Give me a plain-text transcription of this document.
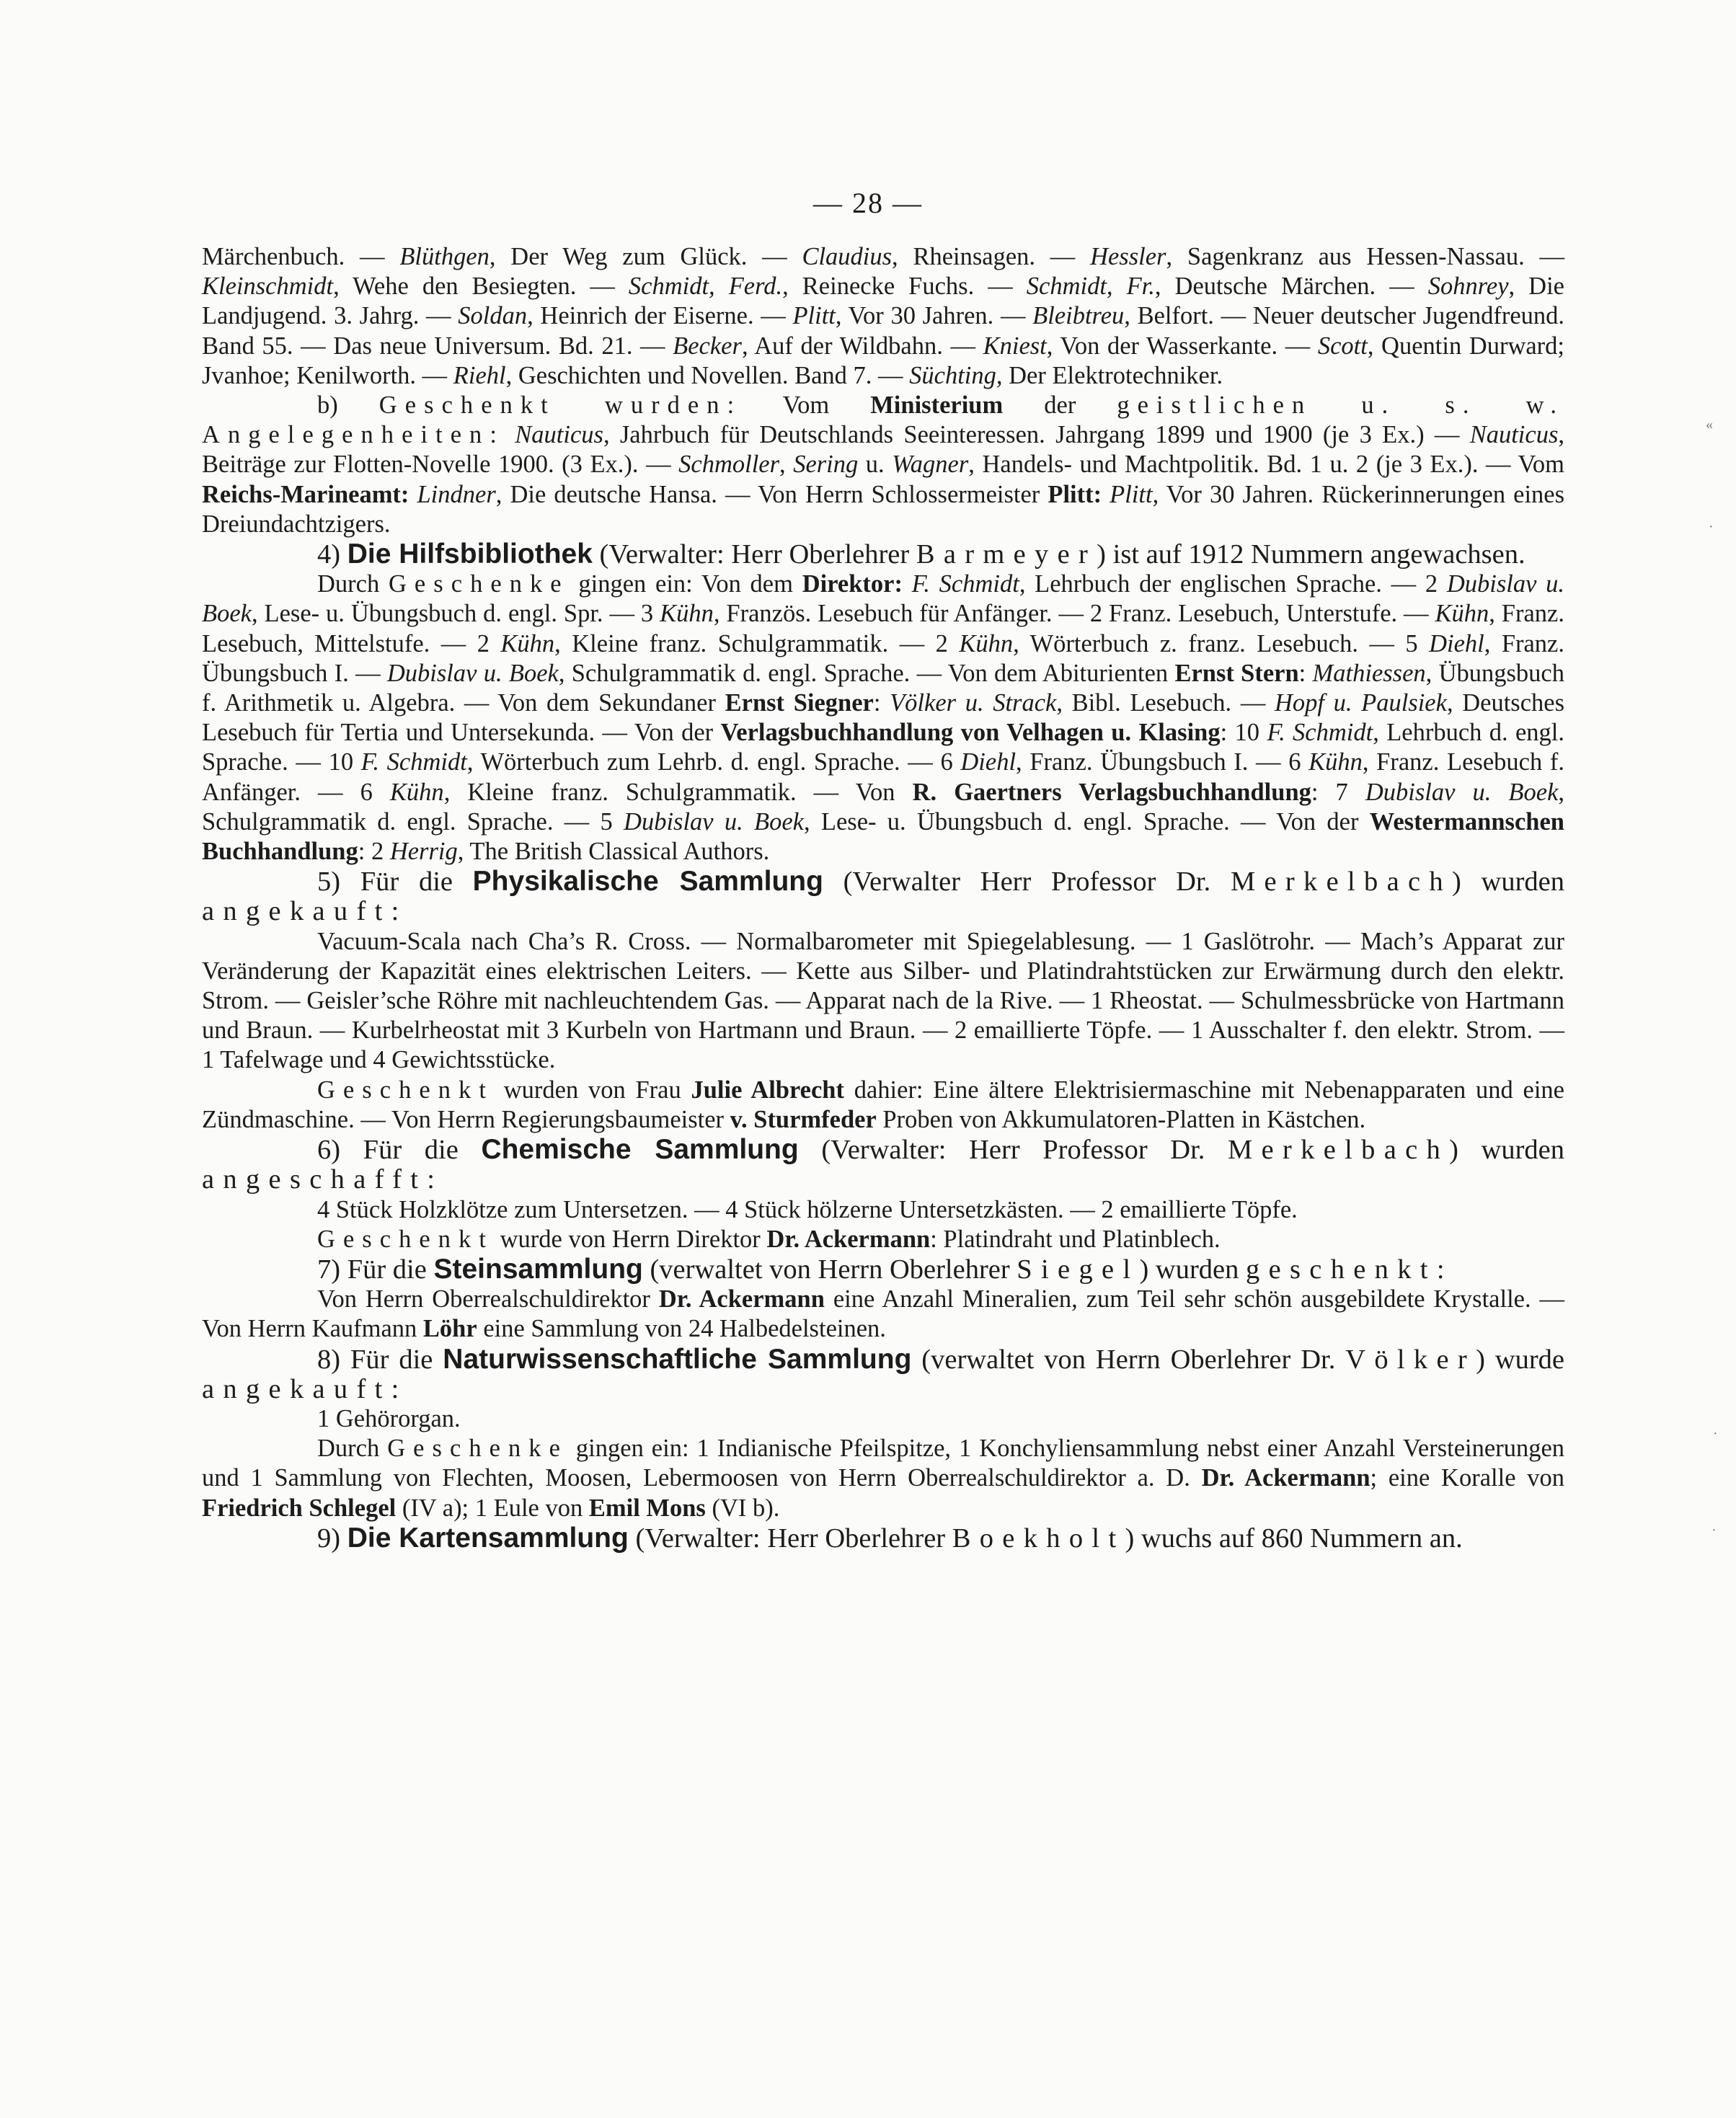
— 28 —

Märchenbuch. — Blüthgen, Der Weg zum Glück. — Claudius, Rheinsagen. — Hessler, Sagenkranz aus Hessen-Nassau. — Kleinschmidt, Wehe den Besiegten. — Schmidt, Ferd., Reinecke Fuchs. — Schmidt, Fr., Deutsche Märchen. — Sohnrey, Die Landjugend. 3. Jahrg. — Soldan, Heinrich der Eiserne. — Plitt, Vor 30 Jahren. — Bleibtreu, Belfort. — Neuer deutscher Jugendfreund. Band 55. — Das neue Universum. Bd. 21. — Becker, Auf der Wildbahn. — Kniest, Von der Wasserkante. — Scott, Quentin Durward; Jvanhoe; Kenilworth. — Riehl, Geschichten und Novellen. Band 7. — Süchting, Der Elektrotechniker.

b) Geschenkt wurden: Vom Ministerium der geistlichen u. s. w. Angelegenheiten: Nauticus, Jahrbuch für Deutschlands Seeinteressen. Jahrgang 1899 und 1900 (je 3 Ex.) — Nauticus, Beiträge zur Flotten-Novelle 1900. (3 Ex.). — Schmoller, Sering u. Wagner, Handels- und Machtpolitik. Bd. 1 u. 2 (je 3 Ex.). — Vom Reichs-Marineamt: Lindner, Die deutsche Hansa. — Von Herrn Schlossermeister Plitt: Plitt, Vor 30 Jahren. Rückerinnerungen eines Dreiundachtzigers.

4) Die Hilfsbibliothek (Verwalter: Herr Oberlehrer Barmeyer) ist auf 1912 Nummern angewachsen.

Durch Geschenke gingen ein: Von dem Direktor: F. Schmidt, Lehrbuch der englischen Sprache. — 2 Dubislav u. Boek, Lese- u. Übungsbuch d. engl. Spr. — 3 Kühn, Französ. Lesebuch für Anfänger. — 2 Franz. Lesebuch, Unterstufe. — Kühn, Franz. Lesebuch, Mittelstufe. — 2 Kühn, Kleine franz. Schulgrammatik. — 2 Kühn, Wörterbuch z. franz. Lesebuch. — 5 Diehl, Franz. Übungsbuch I. — Dubislav u. Boek, Schulgrammatik d. engl. Sprache. — Von dem Abiturienten Ernst Stern: Mathiessen, Übungsbuch f. Arithmetik u. Algebra. — Von dem Sekundaner Ernst Siegner: Völker u. Strack, Bibl. Lesebuch. — Hopf u. Paulsiek, Deutsches Lesebuch für Tertia und Untersekunda. — Von der Verlagsbuchhandlung von Velhagen u. Klasing: 10 F. Schmidt, Lehrbuch d. engl. Sprache. — 10 F. Schmidt, Wörterbuch zum Lehrb. d. engl. Sprache. — 6 Diehl, Franz. Übungsbuch I. — 6 Kühn, Franz. Lesebuch f. Anfänger. — 6 Kühn, Kleine franz. Schulgrammatik. — Von R. Gaertners Verlagsbuchhandlung: 7 Dubislav u. Boek, Schulgrammatik d. engl. Sprache. — 5 Dubislav u. Boek, Lese- u. Übungsbuch d. engl. Sprache. — Von der Westermannschen Buchhandlung: 2 Herrig, The British Classical Authors.

5) Für die Physikalische Sammlung (Verwalter Herr Professor Dr. Merkelbach) wurden angekauft:

Vacuum-Scala nach Cha’s R. Cross. — Normalbarometer mit Spiegelablesung. — 1 Gaslötrohr. — Mach’s Apparat zur Veränderung der Kapazität eines elektrischen Leiters. — Kette aus Silber- und Platindrahtstücken zur Erwärmung durch den elektr. Strom. — Geisler’sche Röhre mit nachleuchtendem Gas. — Apparat nach de la Rive. — 1 Rheostat. — Schulmessbrücke von Hartmann und Braun. — Kurbelrheostat mit 3 Kurbeln von Hartmann und Braun. — 2 emaillierte Töpfe. — 1 Ausschalter f. den elektr. Strom. — 1 Tafelwage und 4 Gewichtsstücke.

Geschenkt wurden von Frau Julie Albrecht dahier: Eine ältere Elektrisiermaschine mit Nebenapparaten und eine Zündmaschine. — Von Herrn Regierungsbaumeister v. Sturmfeder Proben von Akkumulatoren-Platten in Kästchen.

6) Für die Chemische Sammlung (Verwalter: Herr Professor Dr. Merkelbach) wurden angeschafft:

4 Stück Holzklötze zum Untersetzen. — 4 Stück hölzerne Untersetzkästen. — 2 emaillierte Töpfe.

Geschenkt wurde von Herrn Direktor Dr. Ackermann: Platindraht und Platinblech.

7) Für die Steinsammlung (verwaltet von Herrn Oberlehrer Siegel) wurden geschenkt:

Von Herrn Oberrealschuldirektor Dr. Ackermann eine Anzahl Mineralien, zum Teil sehr schön ausgebildete Krystalle. — Von Herrn Kaufmann Löhr eine Sammlung von 24 Halbedelsteinen.

8) Für die Naturwissenschaftliche Sammlung (verwaltet von Herrn Oberlehrer Dr. Völker) wurde angekauft:

1 Gehörorgan.

Durch Geschenke gingen ein: 1 Indianische Pfeilspitze, 1 Konchyliensammlung nebst einer Anzahl Versteinerungen und 1 Sammlung von Flechten, Moosen, Lebermoosen von Herrn Oberrealschuldirektor a. D. Dr. Ackermann; eine Koralle von Friedrich Schlegel (IV a); 1 Eule von Emil Mons (VI b).

9) Die Kartensammlung (Verwalter: Herr Oberlehrer Boekholt) wuchs auf 860 Nummern an.

«
·
·
·
